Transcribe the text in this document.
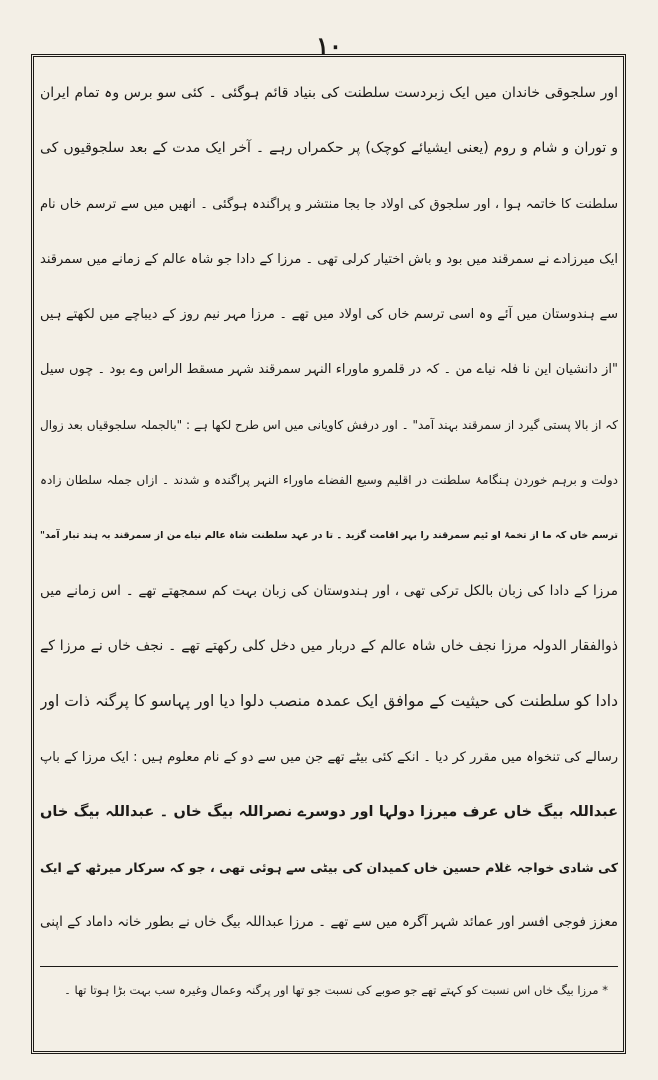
۱۰
اور سلجوقی خاندان میں ایک زبردست سلطنت کی بنیاد قائم ہوگئی ۔ کئی سو برس وہ تمام ایران
و توران و شام و روم (یعنی ایشیائے کوچک) پر حکمراں رہے ۔ آخر ایک مدت کے بعد سلجوقیوں کی
سلطنت کا خاتمہ ہوا ، اور سلجوق کی اولاد جا بجا منتشر و پراگندہ ہوگئی ۔ انھیں میں سے ترسم خاں نام
ایک میرزادے نے سمرقند میں بود و باش اختیار کرلی تھی ۔ مرزا کے دادا جو شاہ عالم کے زمانے میں سمرقند
سے ہندوستان میں آئے وہ اسی ترسم خاں کی اولاد میں تھے ۔ مرزا مہر نیم روز کے دیباچے میں لکھتے ہیں
"از دانشیان این نا فلہ نیاے من ۔ کہ در قلمرو ماوراء النہر سمرقند شہر مسقط الراس وے بود ۔ چوں سیل
کہ از بالا پستی گیرد از سمرقند بہند آمد" ۔ اور درفش کاویانی میں اس طرح لکھا ہے : "بالجملہ سلجوقیاں بعد زوال
دولت و برہم خوردن ہنگامۂ سلطنت در اقلیم وسیع الفضاے ماوراء النہر پراگندہ و شدند ۔ ازاں جملہ سلطان زادہ
ترسم خاں کہ ما از تخمۂ او ئیم سمرقند را بہر اقامت گزید ۔ تا در عہد سلطنت شاہ عالم نیاے من از سمرقند بہ ہند تبار آمد"
مرزا کے دادا کی زبان بالکل ترکی تھی ، اور ہندوستان کی زبان بہت کم سمجھتے تھے ۔ اس زمانے میں
ذوالفقار الدولہ مرزا نجف خاں شاہ عالم کے دربار میں دخل کلی رکھتے تھے ۔ نجف خاں نے مرزا کے
دادا کو سلطنت کی حیثیت کے موافق ایک عمدہ منصب دلوا دیا اور پہاسو کا پرگنہ ذات اور
رسالے کی تنخواہ میں مقرر کر دیا ۔ انکے کئی بیٹے تھے جن میں سے دو کے نام معلوم ہیں : ایک مرزا کے باپ
عبداللہ بیگ خاں عرف میرزا دولہا اور دوسرے نصراللہ بیگ خاں ۔ عبداللہ بیگ خاں
کی شادی خواجہ غلام حسین خاں کمیدان کی بیٹی سے ہوئی تھی ، جو کہ سرکار میرٹھ کے ایک
معزز فوجی افسر اور عمائد شہر آگرہ میں سے تھے ۔ مرزا عبداللہ بیگ خاں نے بطور خانہ داماد کے اپنی
* مرزا بیگ خاں اس نسبت کو کہتے تھے جو صوبے کی نسبت جو تھا اور پرگنہ وعمال وغیرہ سب بہت بڑا ہوتا تھا ۔
